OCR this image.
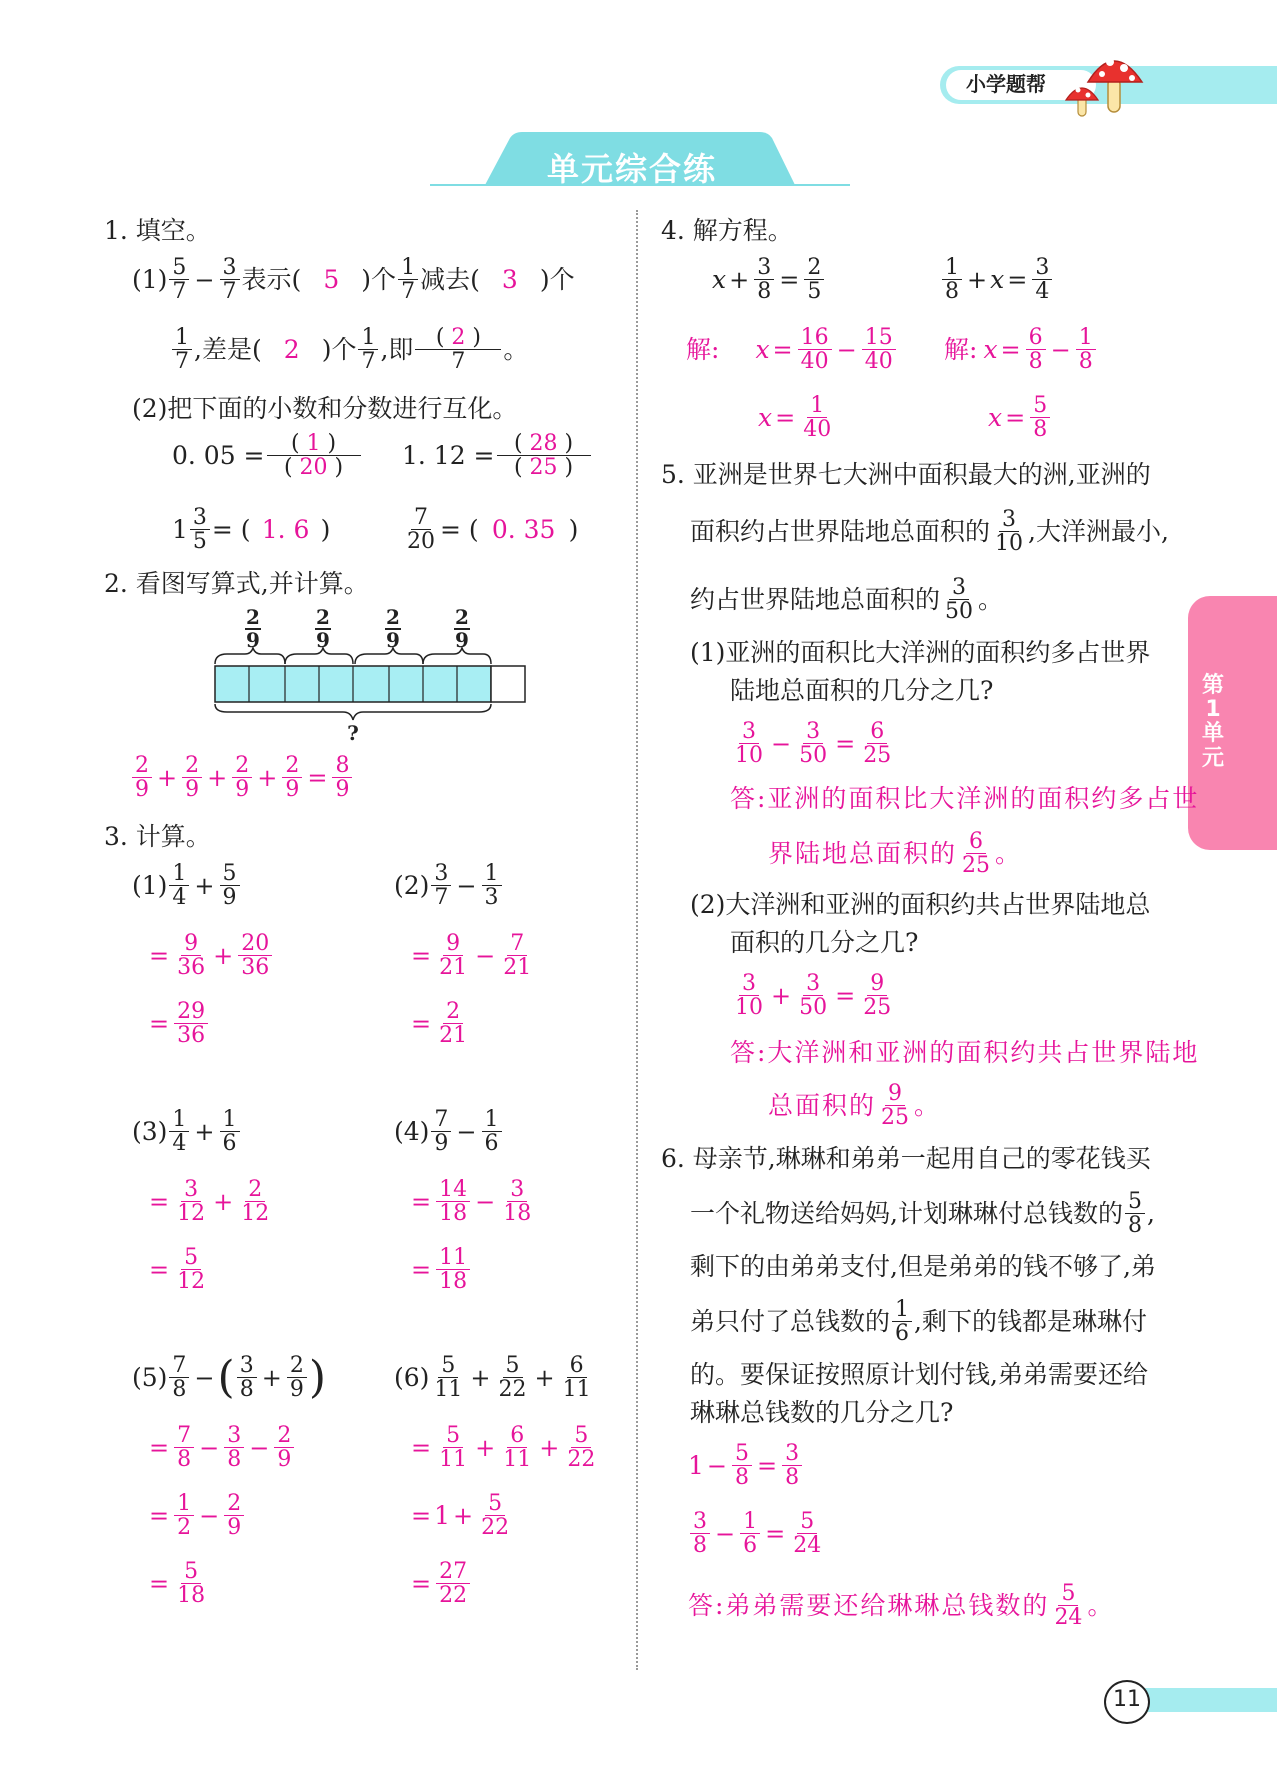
小学题帮
单元综合练
第
1
单
元
11
1. 填空。
$(1) \frac{5}{7} - \frac{3}{7}$ 表示( 5 )个 $\frac{1}{7}$ 减去( 3 )个
$\frac{1}{7}$ ,差是( 2 )个 $\frac{1}{7}$ ,即 $\frac{( 2 )}{7}$ 。
(2)把下面的小数和分数进行互化。
0. $05 = \frac{( 1 )}{( 20 )} 1$. $12 = \frac{( 28 )}{( 25 )}$
$1 \frac{3}{5}$ = ( 1. 6 )	$\frac{7}{20}$ = ( 0. 35 )
2. 看图写算式,并计算。
2
9
2
9
2
9
2
9
?
$\frac{2}{9} + \frac{2}{9} + \frac{2}{9} + \frac{2}{9} = \frac{8}{9}$
3. 计算。
$(1) \frac{1}{4} + \frac{5}{9}$
= $\frac{9}{36} + \frac{20}{36}$
= $\frac{29}{36}$
$(2) \frac{3}{7} - \frac{1}{3}$
= $\frac{9}{21} - \frac{7}{21}$
= $\frac{2}{21}$
$(3) \frac{1}{4} + \frac{1}{6}$
= $\frac{3}{12} + \frac{2}{12}$
= $\frac{5}{12}$
$(4) \frac{7}{9} - \frac{1}{6}$
= $\frac{14}{18} - \frac{3}{18}$
= $\frac{11}{18}$
$(5) \frac{7}{8}$ − ( $\frac{3}{8} + \frac{2}{9}$ )
= $\frac{7}{8} - \frac{3}{8} - \frac{2}{9}$
= $\frac{1}{2} - \frac{2}{9}$
= $\frac{5}{18}$
$(6) \frac{5}{11} + \frac{5}{22} + \frac{6}{11}$
= $\frac{5}{11} + \frac{6}{11} + \frac{5}{22}$
= $1 + \frac{5}{22}$
= $\frac{27}{22}$
4. 解方程。
$x + \frac{3}{8} = \frac{2}{5}$	$\frac{1}{8} + x = \frac{3}{4}$
解: $x = \frac{16}{40} - \frac{15}{40}$
$x = \frac{1}{40}$
解: $x = \frac{6}{8} - \frac{1}{8}$
$x = \frac{5}{8}$
5. 亚洲是世界七大洲中面积最大的洲,亚洲的
面积约占世界陆地总面积的 $\frac{3}{10}$ ,大洋洲最小,
约占世界陆地总面积的 $\frac{3}{50}$ 。
(1)亚洲的面积比大洋洲的面积约多占世界
陆地总面积的几分之几?
$\frac{3}{10} - \frac{3}{50} = \frac{6}{25}$
答:亚洲的面积比大洋洲的面积约多占世
界陆地总面积的 $\frac{6}{25}$ 。
(2)大洋洲和亚洲的面积约共占世界陆地总
面积的几分之几?
$\frac{3}{10} + \frac{3}{50} = \frac{9}{25}$
答:大洋洲和亚洲的面积约共占世界陆地
总面积的 $\frac{9}{25}$ 。
6. 母亲节,琳琳和弟弟一起用自己的零花钱买
一个礼物送给妈妈,计划琳琳付总钱数的 $\frac{5}{8}$ ,
剩下的由弟弟支付,但是弟弟的钱不够了,弟
弟只付了总钱数的 $\frac{1}{6}$ ,剩下的钱都是琳琳付
的。要保证按照原计划付钱,弟弟需要还给
琳琳总钱数的几分之几?
$1 - \frac{5}{8} = \frac{3}{8}$
$\frac{3}{8} - \frac{1}{6} = \frac{5}{24}$
答:弟弟需要还给琳琳总钱数的 $\frac{5}{24}$ 。
